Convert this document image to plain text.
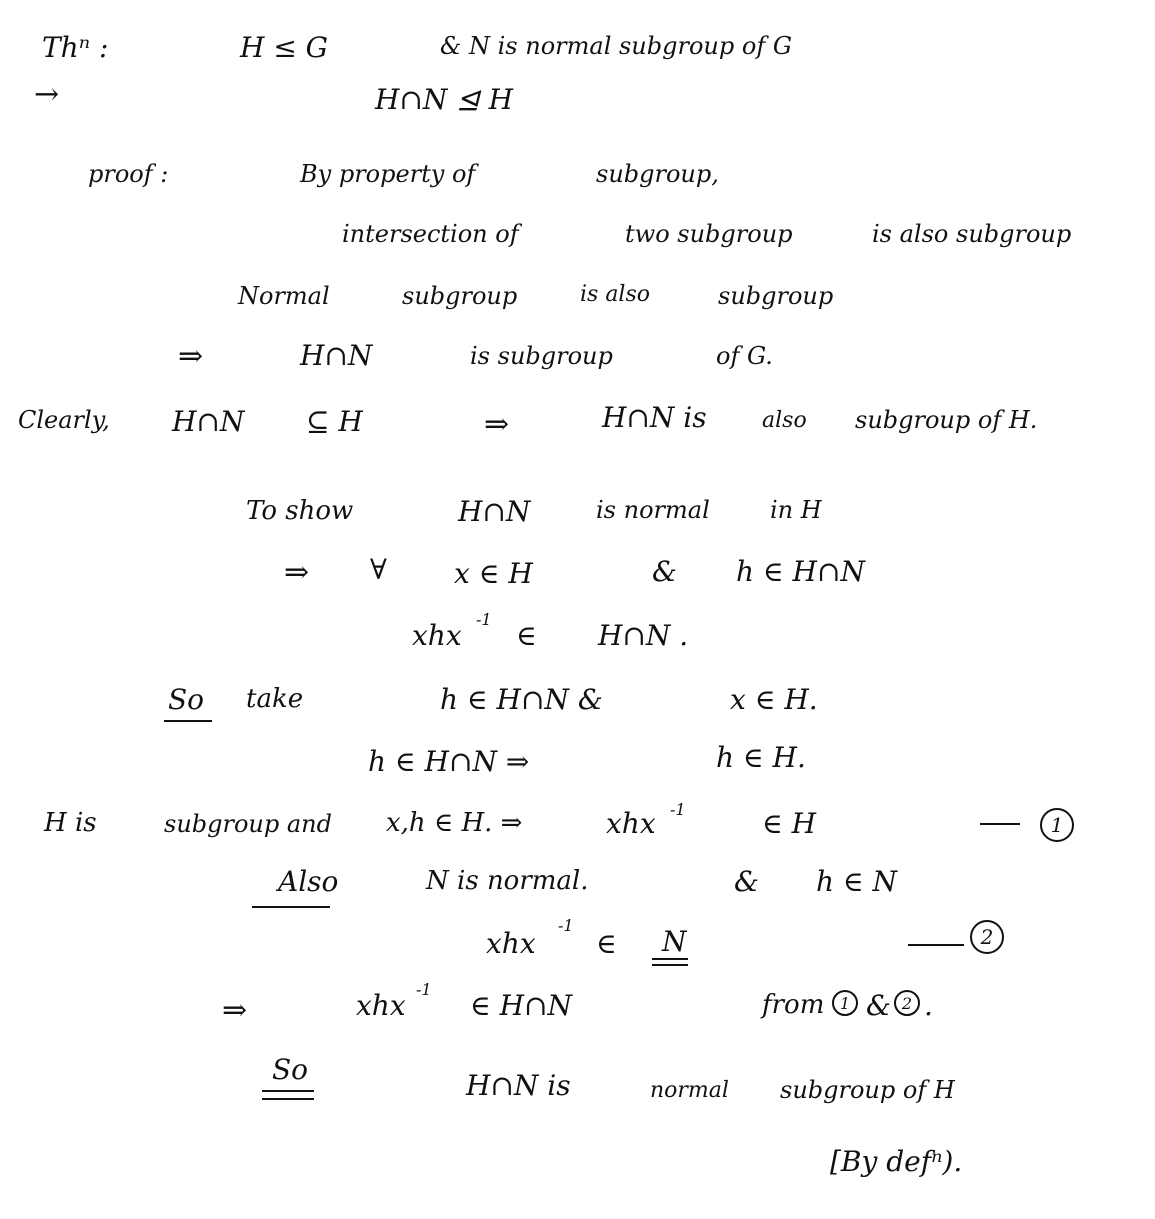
Thⁿ :	H ≤ G	& N is normal subgroup of G
→	H∩N ⊴ H
proof :	By property of	subgroup,
intersection of	two subgroup	is also subgroup
Normal	subgroup	is also	subgroup
⇒	H∩N	is subgroup	of G.
Clearly, H∩N ⊆ H	⇒	H∩N is	also subgroup of H.
To show	H∩N	is normal	in H
⇒ ∀ x ∈ H	& h ∈ H∩N
xhx -1 ∈ H∩N .
So take	h ∈ H∩N &	x ∈ H.
h ∈ H∩N ⇒	h ∈ H.
H is	subgroup and x,h ∈ H. ⇒	xhx -1	∈ H	1
Also	N is normal.	& h ∈ N
xhx
-1
∈ N	2
⇒	xhx -1 ∈ H∩N	from 1 & 2 .
So	H∩N is	normal subgroup of H
[By defⁿ).
